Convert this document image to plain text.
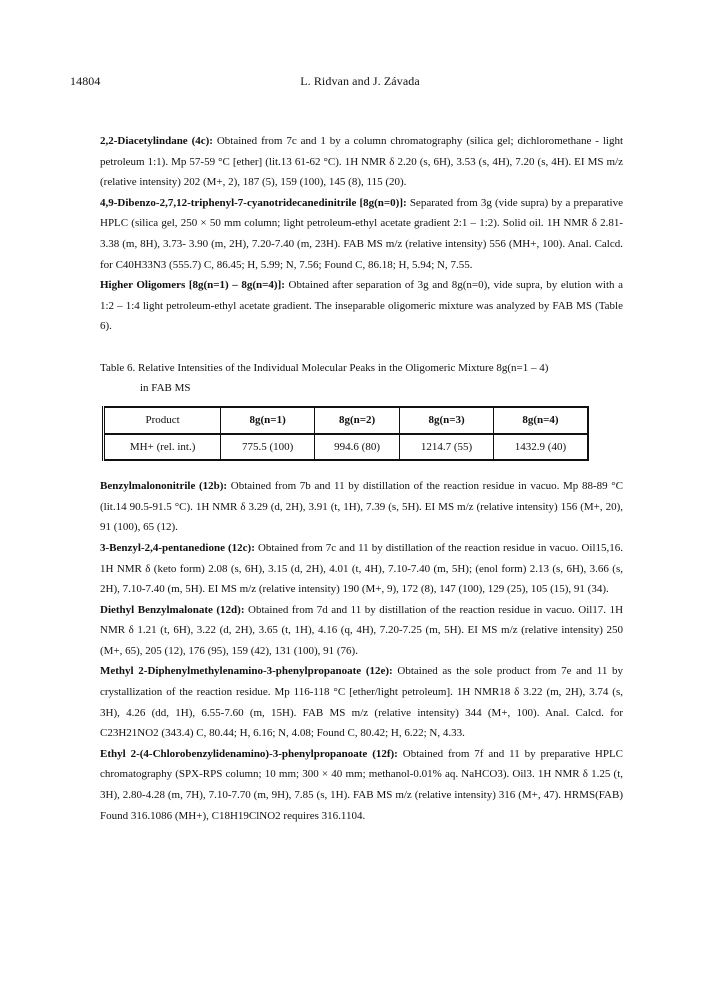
14804	L. Ridvan and J. Závada
2,2-Diacetylindane (4c): Obtained from 7c and 1 by a column chromatography (silica gel; dichloromethane - light petroleum 1:1). Mp 57-59 °C [ether] (lit.13 61-62 °C). 1H NMR δ 2.20 (s, 6H), 3.53 (s, 4H), 7.20 (s, 4H). EI MS m/z (relative intensity) 202 (M+, 2), 187 (5), 159 (100), 145 (8), 115 (20).
4,9-Dibenzo-2,7,12-triphenyl-7-cyanotridecanedinitrile [8g(n=0)]: Separated from 3g (vide supra) by a preparative HPLC (silica gel, 250 × 50 mm column; light petroleum-ethyl acetate gradient 2:1 – 1:2). Solid oil. 1H NMR δ 2.81-3.38 (m, 8H), 3.73- 3.90 (m, 2H), 7.20-7.40 (m, 23H). FAB MS m/z (relative intensity) 556 (MH+, 100). Anal. Calcd. for C40H33N3 (555.7) C, 86.45; H, 5.99; N, 7.56; Found C, 86.18; H, 5.94; N, 7.55.
Higher Oligomers [8g(n=1) – 8g(n=4)]: Obtained after separation of 3g and 8g(n=0), vide supra, by elution with a 1:2 – 1:4 light petroleum-ethyl acetate gradient. The inseparable oligomeric mixture was analyzed by FAB MS (Table 6).
Table 6. Relative Intensities of the Individual Molecular Peaks in the Oligomeric Mixture 8g(n=1 – 4)
in FAB MS
Product	8g(n=1)	8g(n=2)	8g(n=3)	8g(n=4)
MH+ (rel. int.)	775.5 (100)	994.6 (80)	1214.7 (55)	1432.9 (40)
Benzylmalononitrile (12b): Obtained from 7b and 11 by distillation of the reaction residue in vacuo. Mp 88-89 °C (lit.14 90.5-91.5 °C). 1H NMR δ 3.29 (d, 2H), 3.91 (t, 1H), 7.39 (s, 5H). EI MS m/z (relative intensity) 156 (M+, 20), 91 (100), 65 (12).
3-Benzyl-2,4-pentanedione (12c): Obtained from 7c and 11 by distillation of the reaction residue in vacuo. Oil15,16. 1H NMR δ (keto form) 2.08 (s, 6H), 3.15 (d, 2H), 4.01 (t, 4H), 7.10-7.40 (m, 5H); (enol form) 2.13 (s, 6H), 3.66 (s, 2H), 7.10-7.40 (m, 5H). EI MS m/z (relative intensity) 190 (M+, 9), 172 (8), 147 (100), 129 (25), 105 (15), 91 (34).
Diethyl Benzylmalonate (12d): Obtained from 7d and 11 by distillation of the reaction residue in vacuo. Oil17. 1H NMR δ 1.21 (t, 6H), 3.22 (d, 2H), 3.65 (t, 1H), 4.16 (q, 4H), 7.20-7.25 (m, 5H). EI MS m/z (relative intensity) 250 (M+, 65), 205 (12), 176 (95), 159 (42), 131 (100), 91 (76).
Methyl 2-Diphenylmethylenamino-3-phenylpropanoate (12e): Obtained as the sole product from 7e and 11 by crystallization of the reaction residue. Mp 116-118 °C [ether/light petroleum]. 1H NMR18 δ 3.22 (m, 2H), 3.74 (s, 3H), 4.26 (dd, 1H), 6.55-7.60 (m, 15H). FAB MS m/z (relative intensity) 344 (M+, 100). Anal. Calcd. for C23H21NO2 (343.4) C, 80.44; H, 6.16; N, 4.08; Found C, 80.42; H, 6.22; N, 4.33.
Ethyl 2-(4-Chlorobenzylidenamino)-3-phenylpropanoate (12f): Obtained from 7f and 11 by preparative HPLC chromatography (SPX-RPS column; 10 mm; 300 × 40 mm; methanol-0.01% aq. NaHCO3). Oil3. 1H NMR δ 1.25 (t, 3H), 2.80-4.28 (m, 7H), 7.10-7.70 (m, 9H), 7.85 (s, 1H). FAB MS m/z (relative intensity) 316 (M+, 47). HRMS(FAB) Found 316.1086 (MH+), C18H19ClNO2 requires 316.1104.
